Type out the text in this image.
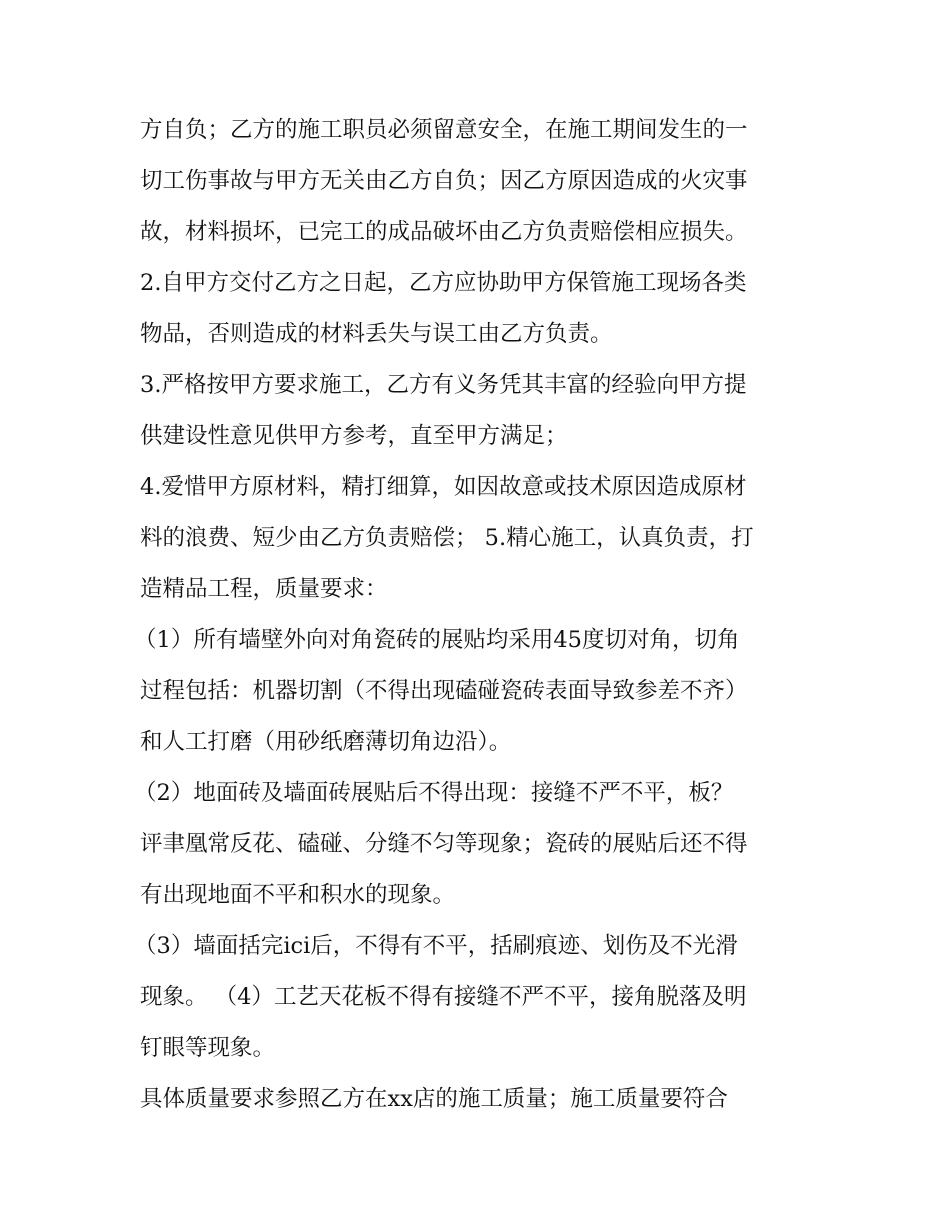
方自负；乙方的施工职员必须留意安全，在施工期间发生的一
切工伤事故与甲方无关由乙方自负；因乙方原因造成的火灾事
故，材料损坏，已完工的成品破坏由乙方负责赔偿相应损失。
2.自甲方交付乙方之日起，乙方应协助甲方保管施工现场各类
物品，否则造成的材料丢失与误工由乙方负责。
3.严格按甲方要求施工，乙方有义务凭其丰富的经验向甲方提
供建设性意见供甲方参考，直至甲方满足；
4.爱惜甲方原材料，精打细算，如因故意或技术原因造成原材
料的浪费、短少由乙方负责赔偿； 5.精心施工，认真负责，打
造精品工程，质量要求：
（1）所有墙壁外向对角瓷砖的展贴均采用45度切对角，切角
过程包括：机器切割（不得出现磕碰瓷砖表面导致参差不齐）
和人工打磨（用砂纸磨薄切角边沿）。
（2）地面砖及墙面砖展贴后不得出现：接缝不严不平，板？
评聿凰常反花、磕碰、分缝不匀等现象；瓷砖的展贴后还不得
有出现地面不平和积水的现象。
（3）墙面括完ici后，不得有不平，括刷痕迹、划伤及不光滑
现象。 （4）工艺天花板不得有接缝不严不平，接角脱落及明
钉眼等现象。
具体质量要求参照乙方在xx店的施工质量；施工质量要符合
